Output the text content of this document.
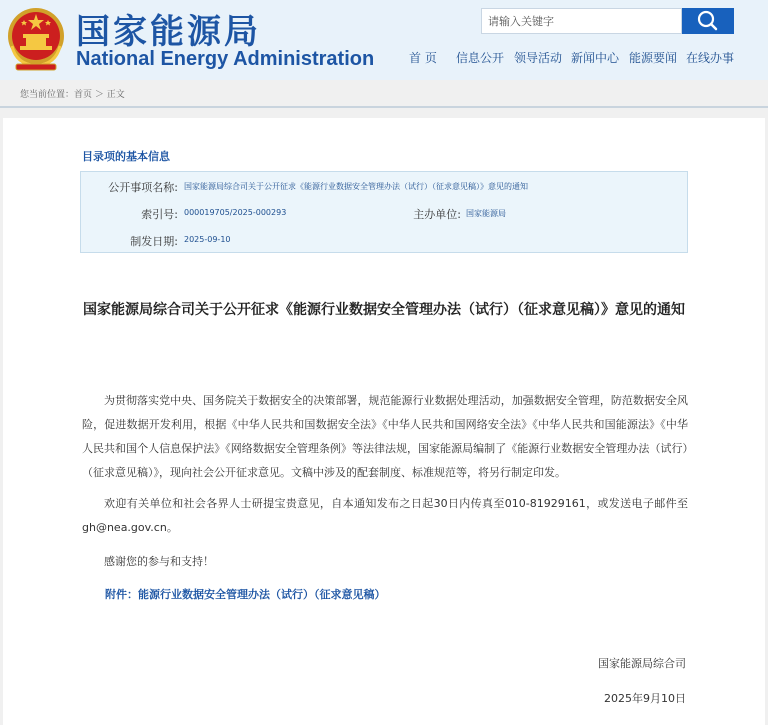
国家能源局
National Energy Administration
请输入关键字	首 页 信息公开 领导活动 新闻中心 能源要闻 在线办事
您当前位置：首页 ＞ 正文
目录项的基本信息
公开事项名称: 国家能源局综合司关于公开征求《能源行业数据安全管理办法（试行）（征求意见稿）》意见的通知
索引号: 000019705/2025-000293	主办单位: 国家能源局
制发日期: 2025-09-10
国家能源局综合司关于公开征求《能源行业数据安全管理办法（试行）（征求意见稿）》意见的通知
为贯彻落实党中央、国务院关于数据安全的决策部署，规范能源行业数据处理活动，加强数据安全管理，防范数据安全风险，促进数据开发利用，根据《中华人民共和国数据安全法》《中华人民共和国网络安全法》《中华人民共和国能源法》《中华人民共和国个人信息保护法》《网络数据安全管理条例》等法律法规，国家能源局编制了《能源行业数据安全管理办法（试行）（征求意见稿）》，现向社会公开征求意见。文稿中涉及的配套制度、标准规范等，将另行制定印发。
欢迎有关单位和社会各界人士研提宝贵意见，自本通知发布之日起30日内传真至010-81929161，或发送电子邮件至gh@nea.gov.cn。
感谢您的参与和支持！
附件：能源行业数据安全管理办法（试行）（征求意见稿）
国家能源局综合司
2025年9月10日
